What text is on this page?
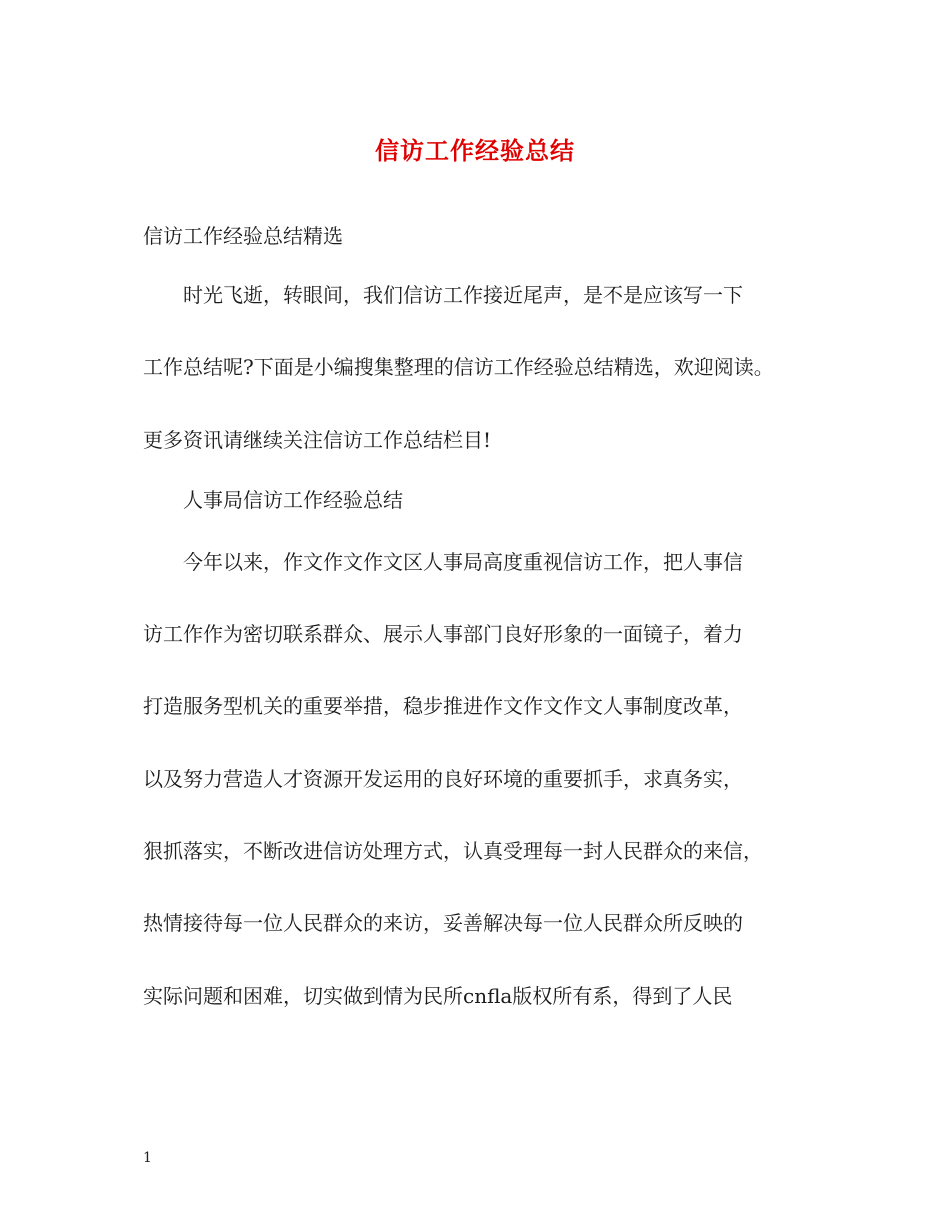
信访工作经验总结

信访工作经验总结精选

时光飞逝，转眼间，我们信访工作接近尾声，是不是应该写一下

工作总结呢?下面是小编搜集整理的信访工作经验总结精选，欢迎阅读。

更多资讯请继续关注信访工作总结栏目!

人事局信访工作经验总结

今年以来，作文作文作文区人事局高度重视信访工作，把人事信

访工作作为密切联系群众、展示人事部门良好形象的一面镜子，着力

打造服务型机关的重要举措，稳步推进作文作文作文人事制度改革，

以及努力营造人才资源开发运用的良好环境的重要抓手，求真务实，

狠抓落实，不断改进信访处理方式，认真受理每一封人民群众的来信，

热情接待每一位人民群众的来访，妥善解决每一位人民群众所反映的

实际问题和困难，切实做到情为民所cnfla版权所有系，得到了人民

1
